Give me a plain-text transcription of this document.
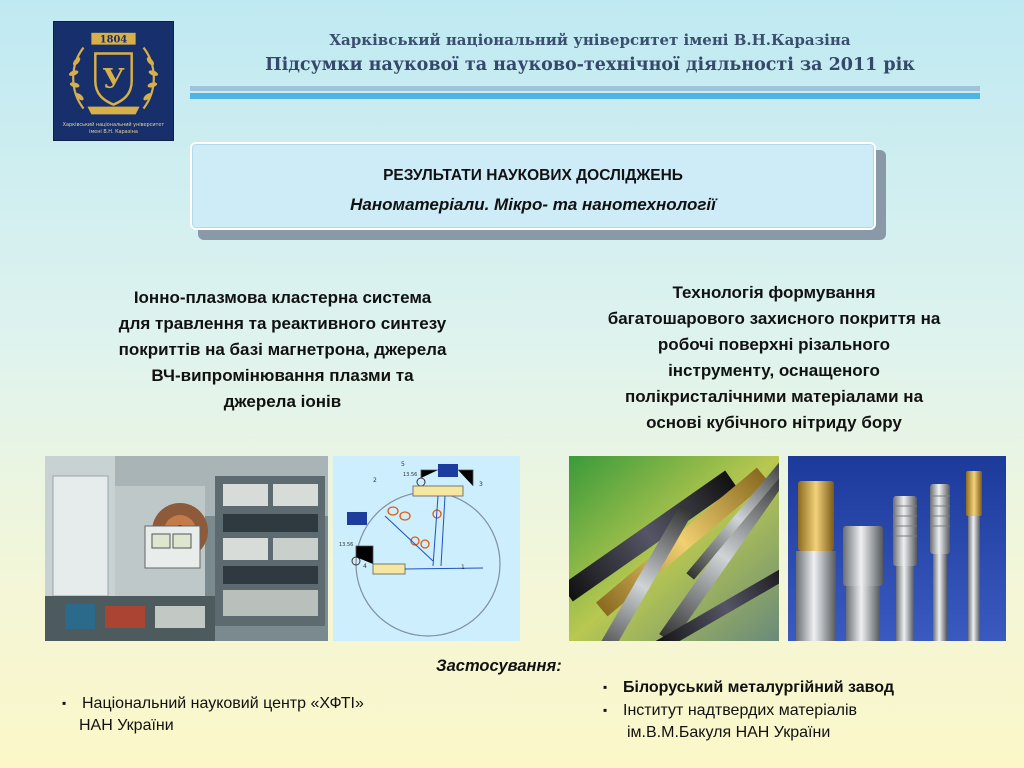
1804
У
Харківський національний університет
імені В.Н. Каразіна
Харківський національний університет імені В.Н.Каразіна
Підсумки наукової та науково-технічної діяльності за 2011 рік
РЕЗУЛЬТАТИ НАУКОВИХ ДОСЛІДЖЕНЬ
Наноматеріали. Мікро- та нанотехнології

Іонно-плазмова кластерна система
для травлення та реактивного синтезу
покриттів на базі магнетрона, джерела
ВЧ-випромінювання плазми та
джерела іонів

Технологія формування
багатошарового захисного покриття на
робочі поверхні різального
інструменту, оснащеного
полікристалічними матеріалами на
основі кубічного нітриду бору

5
13.56
2
3
13.56
4	1
Застосування:
▪ Національний науковий центр «ХФТІ»
НАН України
▪ Білоруський металургійний завод
▪ Інститут надтвердих матеріалів
ім.В.М.Бакуля НАН України
